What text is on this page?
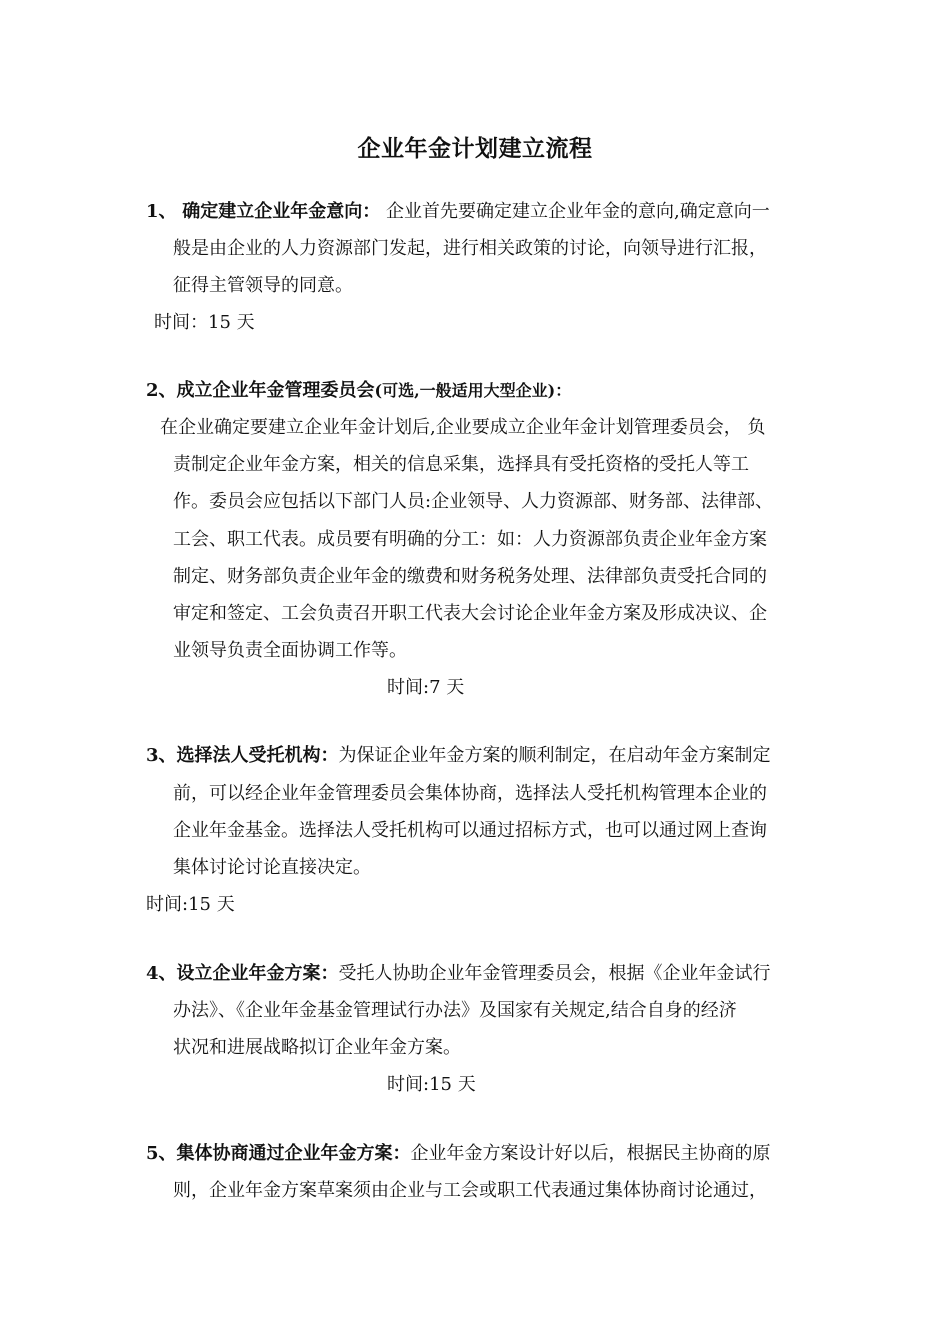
企业年金计划建立流程
1、 确定建立企业年金意向： 企业首先要确定建立企业年金的意向,确定意向一
般是由企业的人力资源部门发起，进行相关政策的讨论，向领导进行汇报，
征得主管领导的同意。
时间：15 天
2、成立企业年金管理委员会(可选,一般适用大型企业)：
在企业确定要建立企业年金计划后,企业要成立企业年金计划管理委员会， 负
责制定企业年金方案，相关的信息采集，选择具有受托资格的受托人等工
作。委员会应包括以下部门人员:企业领导、人力资源部、财务部、法律部、
工会、职工代表。成员要有明确的分工：如：人力资源部负责企业年金方案
制定、财务部负责企业年金的缴费和财务税务处理、法律部负责受托合同的
审定和签定、工会负责召开职工代表大会讨论企业年金方案及形成决议、企
业领导负责全面协调工作等。
时间:7 天
3、选择法人受托机构：为保证企业年金方案的顺利制定，在启动年金方案制定
前，可以经企业年金管理委员会集体协商，选择法人受托机构管理本企业的
企业年金基金。选择法人受托机构可以通过招标方式，也可以通过网上查询
集体讨论讨论直接决定。
时间:15 天
4、设立企业年金方案：受托人协助企业年金管理委员会，根据《企业年金试行
办法》、《企业年金基金管理试行办法》及国家有关规定,结合自身的经济
状况和进展战略拟订企业年金方案。
时间:15 天
5、集体协商通过企业年金方案：企业年金方案设计好以后，根据民主协商的原
则，企业年金方案草案须由企业与工会或职工代表通过集体协商讨论通过，
